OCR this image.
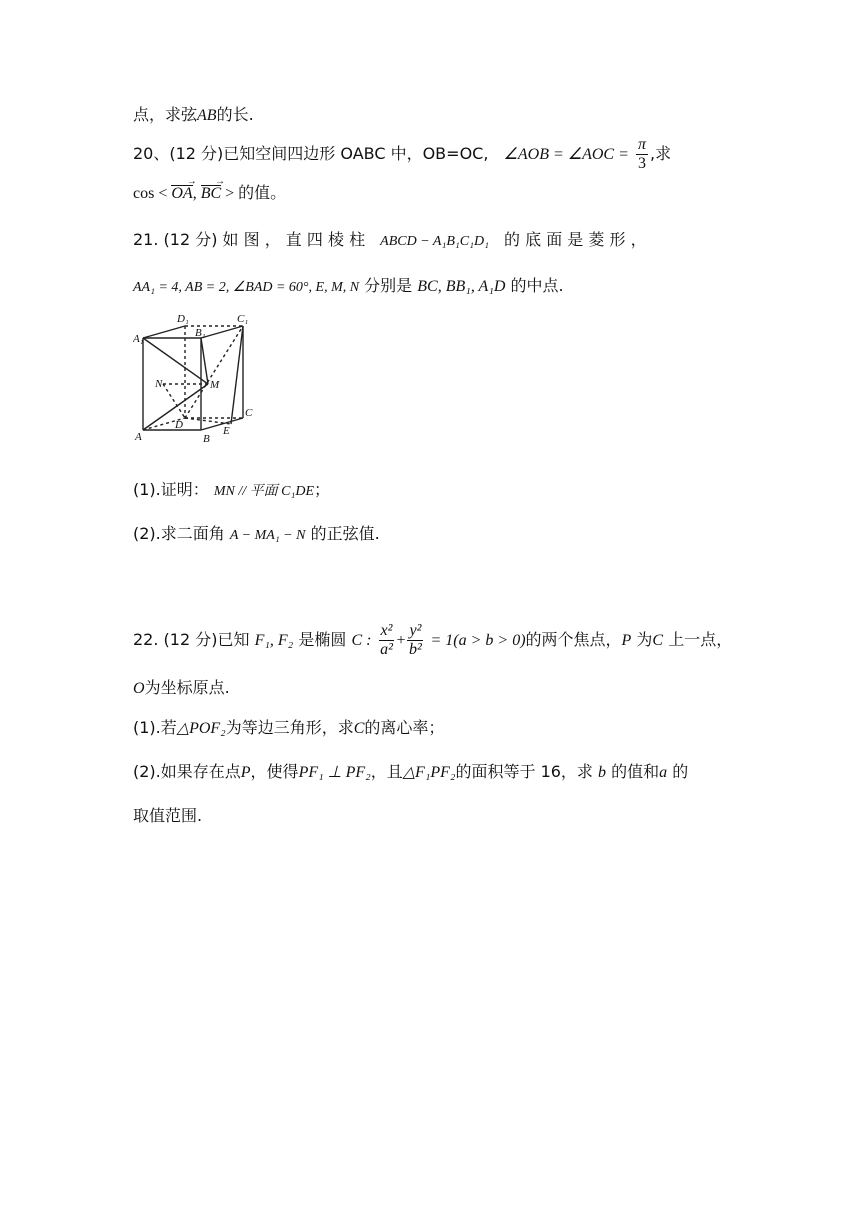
点，求弦AB的长.
20、(12 分)已知空间四边形 OABC 中，OB=OC, ∠AOB = ∠AOC = $\frac{\pi}{3}$ ,求
cos < OA →, BC → > 的值。
21. (12 分) 如 图 ， 直 四 棱 柱 ABCD − A₁B₁C₁D₁ 的 底 面 是 菱 形 ，
AA₁ = 4, AB = 2, ∠BAD = 60°, E, M, N 分别是 BC, BB₁, A₁D 的中点.
D₁	C₁
A₁	B₁
N	M
D
C
A	B
E
(1).证明： MN // 平面 C₁DE；
(2).求二面角 A − MA₁ − N 的正弦值.
22. (12 分)已知 F₁, F₂ 是椭圆 C : $\frac{\text{x²}}{\text{a²}} + \frac{\text{y²}}{\text{b²}} = 1(a > b > 0)$的两个焦点，P 为C 上一点，
O为坐标原点.
(1).若△POF₂为等边三角形，求C的离心率；
(2).如果存在点P，使得PF₁ ⊥ PF₂，且△F₁PF₂的面积等于 16，求 b 的值和a 的
取值范围.
